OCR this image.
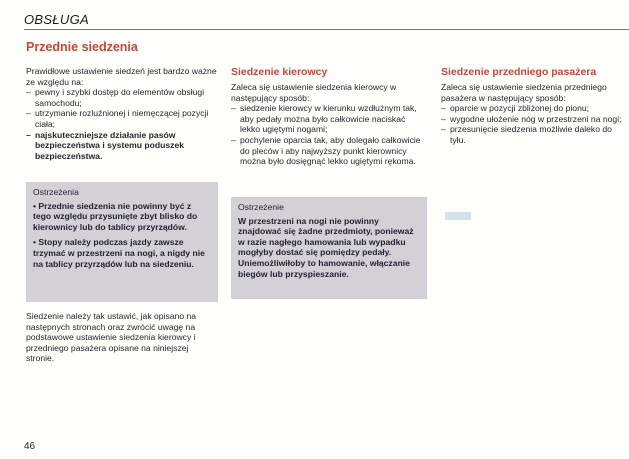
OBSŁUGA
Przednie siedzenia

Prawidłowe ustawienie siedzeń jest bardzo ważne ze względu na:

– pewny i szybki dostęp do elementów obsługi samochodu;
– utrzymanie rozluźnionej i niemęczącej pozycji ciała;
– najskuteczniejsze działanie pasów bezpieczeństwa i systemu poduszek bezpieczeństwa.
Ostrzeżenia

• Przednie siedzenia nie powinny być z tego względu przysunięte zbyt blisko do kierownicy lub do tablicy przyrządów.

• Stopy należy podczas jazdy zawsze trzymać w przestrzeni na nogi, a nigdy nie na tablicy przyrządów lub na siedzeniu.

Siedzenie należy tak ustawić, jak opisano na następnych stronach oraz zwrócić uwagę na podstawowe ustawienie siedzenia kierowcy i przedniego pasażera opisane na niniejszej stronie.

Siedzenie kierowcy

Zaleca się ustawienie siedzenia kierowcy w następujący sposób:

– siedzenie kierowcy w kierunku wzdłużnym tak, aby pedały można było całkowicie naciskać lekko ugiętymi nogami;
– pochylenie oparcia tak, aby dolegało całkowicie do pleców i aby najwyższy punkt kierownicy można było dosięgnąć lekko ugiętymi rękoma.
Ostrzeżenie

W przestrzeni na nogi nie powinny znajdować się żadne przedmioty, ponieważ w razie nagłego hamowania lub wypadku mogłyby dostać się pomiędzy pedały. Uniemożliwiłoby to hamowanie, włączanie biegów lub przyspieszanie.

Siedzenie przedniego pasażera

Zaleca się ustawienie siedzenia przedniego pasażera w następujący sposób:

– oparcie w pozycji zbliżonej do pionu;
– wygodne ułożenie nóg w przestrzeni na nogi;
– przesunięcie siedzenia możliwie daleko do tyłu.
46
